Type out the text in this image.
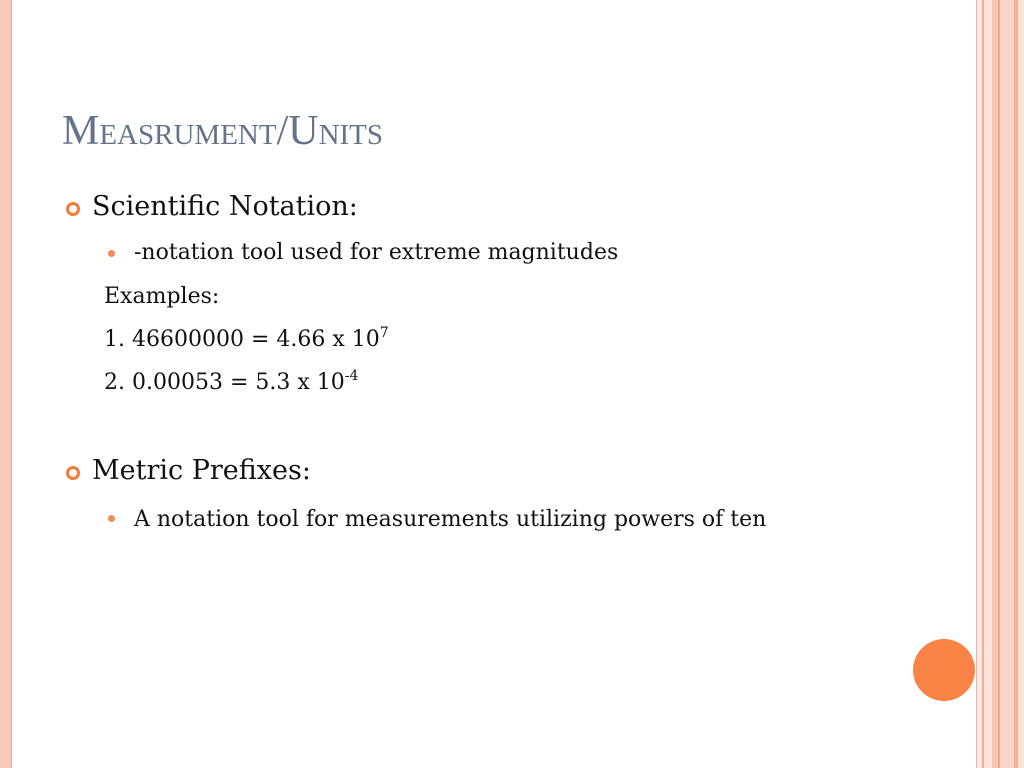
Measrument/Units
Scientific Notation:
-notation tool used for extreme magnitudes
Examples:
1. 46600000 = 4.66 x $10^7$
2. 0.00053 = 5.3 x $10^{-4}$
Metric Prefixes:
A notation tool for measurements utilizing powers of ten
